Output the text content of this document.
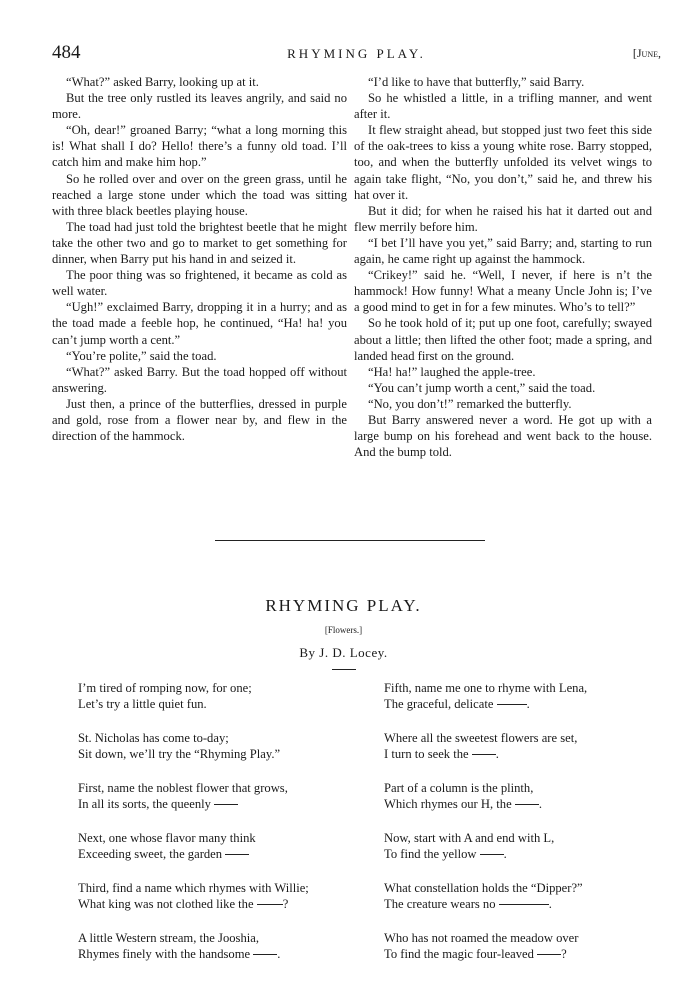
484	RHYMING PLAY.	[June,

“What?” asked Barry, looking up at it.

But the tree only rustled its leaves angrily, and said no more.

“Oh, dear!” groaned Barry; “what a long morning this is! What shall I do? Hello! there’s a funny old toad. I’ll catch him and make him hop.”

So he rolled over and over on the green grass, until he reached a large stone under which the toad was sitting with three black beetles playing house.

The toad had just told the brightest beetle that he might take the other two and go to market to get something for dinner, when Barry put his hand in and seized it.

The poor thing was so frightened, it became as cold as well water.

“Ugh!” exclaimed Barry, dropping it in a hurry; and as the toad made a feeble hop, he continued, “Ha! ha! you can’t jump worth a cent.”

“You’re polite,” said the toad.

“What?” asked Barry. But the toad hopped off without answering.

Just then, a prince of the butterflies, dressed in purple and gold, rose from a flower near by, and flew in the direction of the hammock.

“I’d like to have that butterfly,” said Barry.

So he whistled a little, in a trifling manner, and went after it.

It flew straight ahead, but stopped just two feet this side of the oak-trees to kiss a young white rose. Barry stopped, too, and when the butterfly unfolded its velvet wings to again take flight, “No, you don’t,” said he, and threw his hat over it.

But it did; for when he raised his hat it darted out and flew merrily before him.

“I bet I’ll have you yet,” said Barry; and, starting to run again, he came right up against the hammock.

“Crikey!” said he. “Well, I never, if here is n’t the hammock! How funny! What a meany Uncle John is; I’ve a good mind to get in for a few minutes. Who’s to tell?”

So he took hold of it; put up one foot, carefully; swayed about a little; then lifted the other foot; made a spring, and landed head first on the ground.

“Ha! ha!” laughed the apple-tree.

“You can’t jump worth a cent,” said the toad.

“No, you don’t!” remarked the butterfly.

But Barry answered never a word. He got up with a large bump on his forehead and went back to the house. And the bump told.

RHYMING PLAY.
[Flowers.]
By J. D. Locey.
I’m tired of romping now, for one;
Let’s try a little quiet fun.
St. Nicholas has come to-day;
Sit down, we’ll try the “Rhyming Play.”
First, name the noblest flower that grows,
In all its sorts, the queenly
Next, one whose flavor many think
Exceeding sweet, the garden
Third, find a name which rhymes with Willie;
What king was not clothed like the ?
A little Western stream, the Jooshia,
Rhymes finely with the handsome .
Fifth, name me one to rhyme with Lena,
The graceful, delicate	.
Where all the sweetest flowers are set,
I turn to seek the .
Part of a column is the plinth,
Which rhymes our H, the .
Now, start with A and end with L,
To find the yellow .
What constellation holds the “Dipper?”
The creature wears no	.
Who has not roamed the meadow over
To find the magic four-leaved ?
